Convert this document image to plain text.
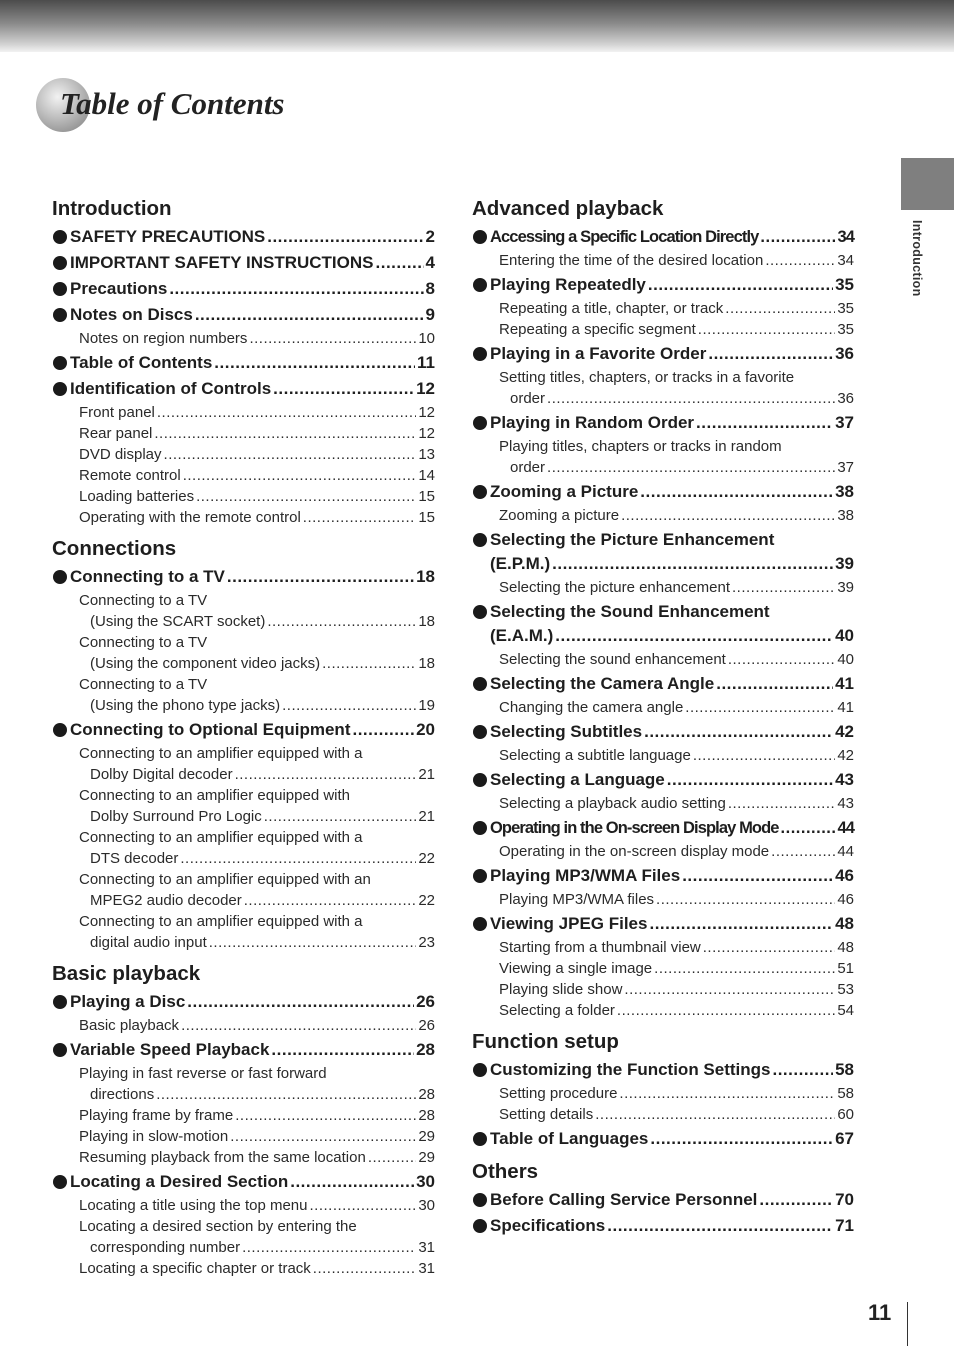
Table of Contents
Introduction
Introduction
SAFETY PRECAUTIONS .....	2
IMPORTANT SAFETY INSTRUCTIONS .....	4
Precautions .....	8
Notes on Discs .....	9
Notes on region numbers .....	10
Table of Contents .....	11
Identification of Controls .....	12
Front panel .....	12
Rear panel .....	12
DVD display .....	13
Remote control .....	14
Loading batteries .....	15
Operating with the remote control .....	15
Connections
Connecting to a TV .....	18
Connecting to a TV
(Using the SCART socket) .....	18
Connecting to a TV
(Using the component video jacks) .....	18
Connecting to a TV
(Using the phono type jacks) .....	19
Connecting to Optional Equipment .....	20
Connecting to an amplifier equipped with a
Dolby Digital decoder .....	21
Connecting to an amplifier equipped with
Dolby Surround Pro Logic .....	21
Connecting to an amplifier equipped with a
DTS decoder .....	22
Connecting to an amplifier equipped with an
MPEG2 audio decoder .....	22
Connecting to an amplifier equipped with a
digital audio input .....	23
Basic playback
Playing a Disc .....	26
Basic playback .....	26
Variable Speed Playback .....	28
Playing in fast reverse or fast forward
directions .....	28
Playing frame by frame .....	28
Playing in slow-motion .....	29
Resuming playback from the same location .....	29
Locating a Desired Section .....	30
Locating a title using the top menu .....	30
Locating a desired section by entering the
corresponding number .....	31
Locating a specific chapter or track .....	31
Advanced playback
Accessing a Specific Location Directly .....	34
Entering the time of the desired location .....	34
Playing Repeatedly .....	35
Repeating a title, chapter, or track .....	35
Repeating a specific segment .....	35
Playing in a Favorite Order .....	36
Setting titles, chapters, or tracks in a favorite
order .....	36
Playing in Random Order .....	37
Playing titles, chapters or tracks in random
order .....	37
Zooming a Picture .....	38
Zooming a picture .....	38
Selecting the Picture Enhancement
(E.P.M.) .....	39
Selecting the picture enhancement .....	39
Selecting the Sound Enhancement
(E.A.M.) .....	40
Selecting the sound enhancement .....	40
Selecting the Camera Angle .....	41
Changing the camera angle .....	41
Selecting Subtitles .....	42
Selecting a subtitle language .....	42
Selecting a Language .....	43
Selecting a playback audio setting .....	43
Operating in the On-screen Display Mode .....	44
Operating in the on-screen display mode .....	44
Playing MP3/WMA Files .....	46
Playing MP3/WMA files .....	46
Viewing JPEG Files .....	48
Starting from a thumbnail view .....	48
Viewing a single image .....	51
Playing slide show .....	53
Selecting a folder .....	54
Function setup
Customizing the Function Settings .....	58
Setting procedure .....	58
Setting details .....	60
Table of Languages .....	67
Others
Before Calling Service Personnel .....	70
Specifications .....	71
11
